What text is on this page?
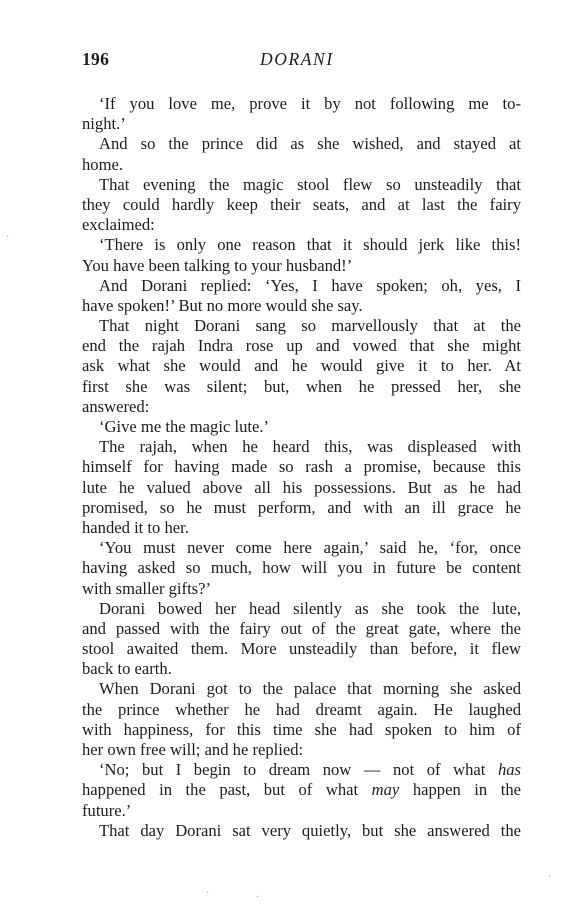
196	DORANI
‘If you love me, prove it by not following me to-
night.’
And so the prince did as she wished, and stayed at
home.
That evening the magic stool flew so unsteadily that
they could hardly keep their seats, and at last the fairy
exclaimed:
‘There is only one reason that it should jerk like this!
You have been talking to your husband!’
And Dorani replied: ‘Yes, I have spoken; oh, yes, I
have spoken!’ But no more would she say.
That night Dorani sang so marvellously that at the
end the rajah Indra rose up and vowed that she might
ask what she would and he would give it to her. At
first she was silent; but, when he pressed her, she
answered:
‘Give me the magic lute.’
The rajah, when he heard this, was displeased with
himself for having made so rash a promise, because this
lute he valued above all his possessions. But as he had
promised, so he must perform, and with an ill grace he
handed it to her.
‘You must never come here again,’ said he, ‘for, once
having asked so much, how will you in future be content
with smaller gifts?’
Dorani bowed her head silently as she took the lute,
and passed with the fairy out of the great gate, where the
stool awaited them. More unsteadily than before, it flew
back to earth.
When Dorani got to the palace that morning she asked
the prince whether he had dreamt again. He laughed
with happiness, for this time she had spoken to him of
her own free will; and he replied:
‘No; but I begin to dream now — not of what has
happened in the past, but of what may happen in the
future.’
That day Dorani sat very quietly, but she answered the
·
·	·
·
